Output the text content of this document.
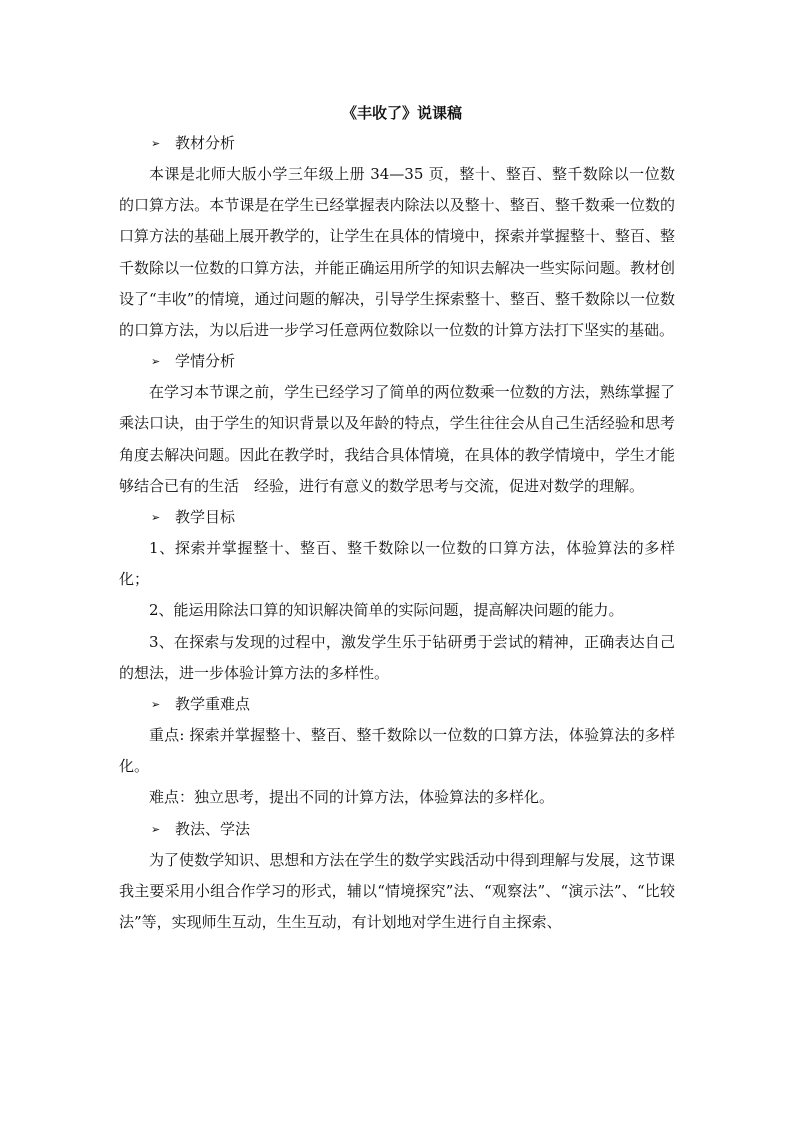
《丰收了》说课稿
➢ 教材分析

本课是北师大版小学三年级上册 34—35 页，整十、整百、整千数除以一位数的口算方法。本节课是在学生已经掌握表内除法以及整十、整百、整千数乘一位数的口算方法的基础上展开教学的，让学生在具体的情境中，探索并掌握整十、整百、整千数除以一位数的口算方法，并能正确运用所学的知识去解决一些实际问题。教材创设了“丰收”的情境，通过问题的解决，引导学生探索整十、整百、整千数除以一位数的口算方法，为以后进一步学习任意两位数除以一位数的计算方法打下坚实的基础。

➢ 学情分析

在学习本节课之前，学生已经学习了简单的两位数乘一位数的方法，熟练掌握了乘法口诀，由于学生的知识背景以及年龄的特点，学生往往会从自己生活经验和思考角度去解决问题。因此在教学时，我结合具体情境，在具体的教学情境中，学生才能够结合已有的生活　经验，进行有意义的数学思考与交流，促进对数学的理解。

➢ 教学目标

1、探索并掌握整十、整百、整千数除以一位数的口算方法，体验算法的多样化；

2、能运用除法口算的知识解决简单的实际问题，提高解决问题的能力。

3、在探索与发现的过程中，激发学生乐于钻研勇于尝试的精神，正确表达自己的想法，进一步体验计算方法的多样性。

➢ 教学重难点

重点: 探索并掌握整十、整百、整千数除以一位数的口算方法，体验算法的多样化。

难点：独立思考，提出不同的计算方法，体验算法的多样化。

➢ 教法、学法

为了使数学知识、思想和方法在学生的数学实践活动中得到理解与发展，这节课我主要采用小组合作学习的形式，辅以“情境探究”法、“观察法”、“演示法”、“比较法”等，实现师生互动，生生互动，有计划地对学生进行自主探索、
